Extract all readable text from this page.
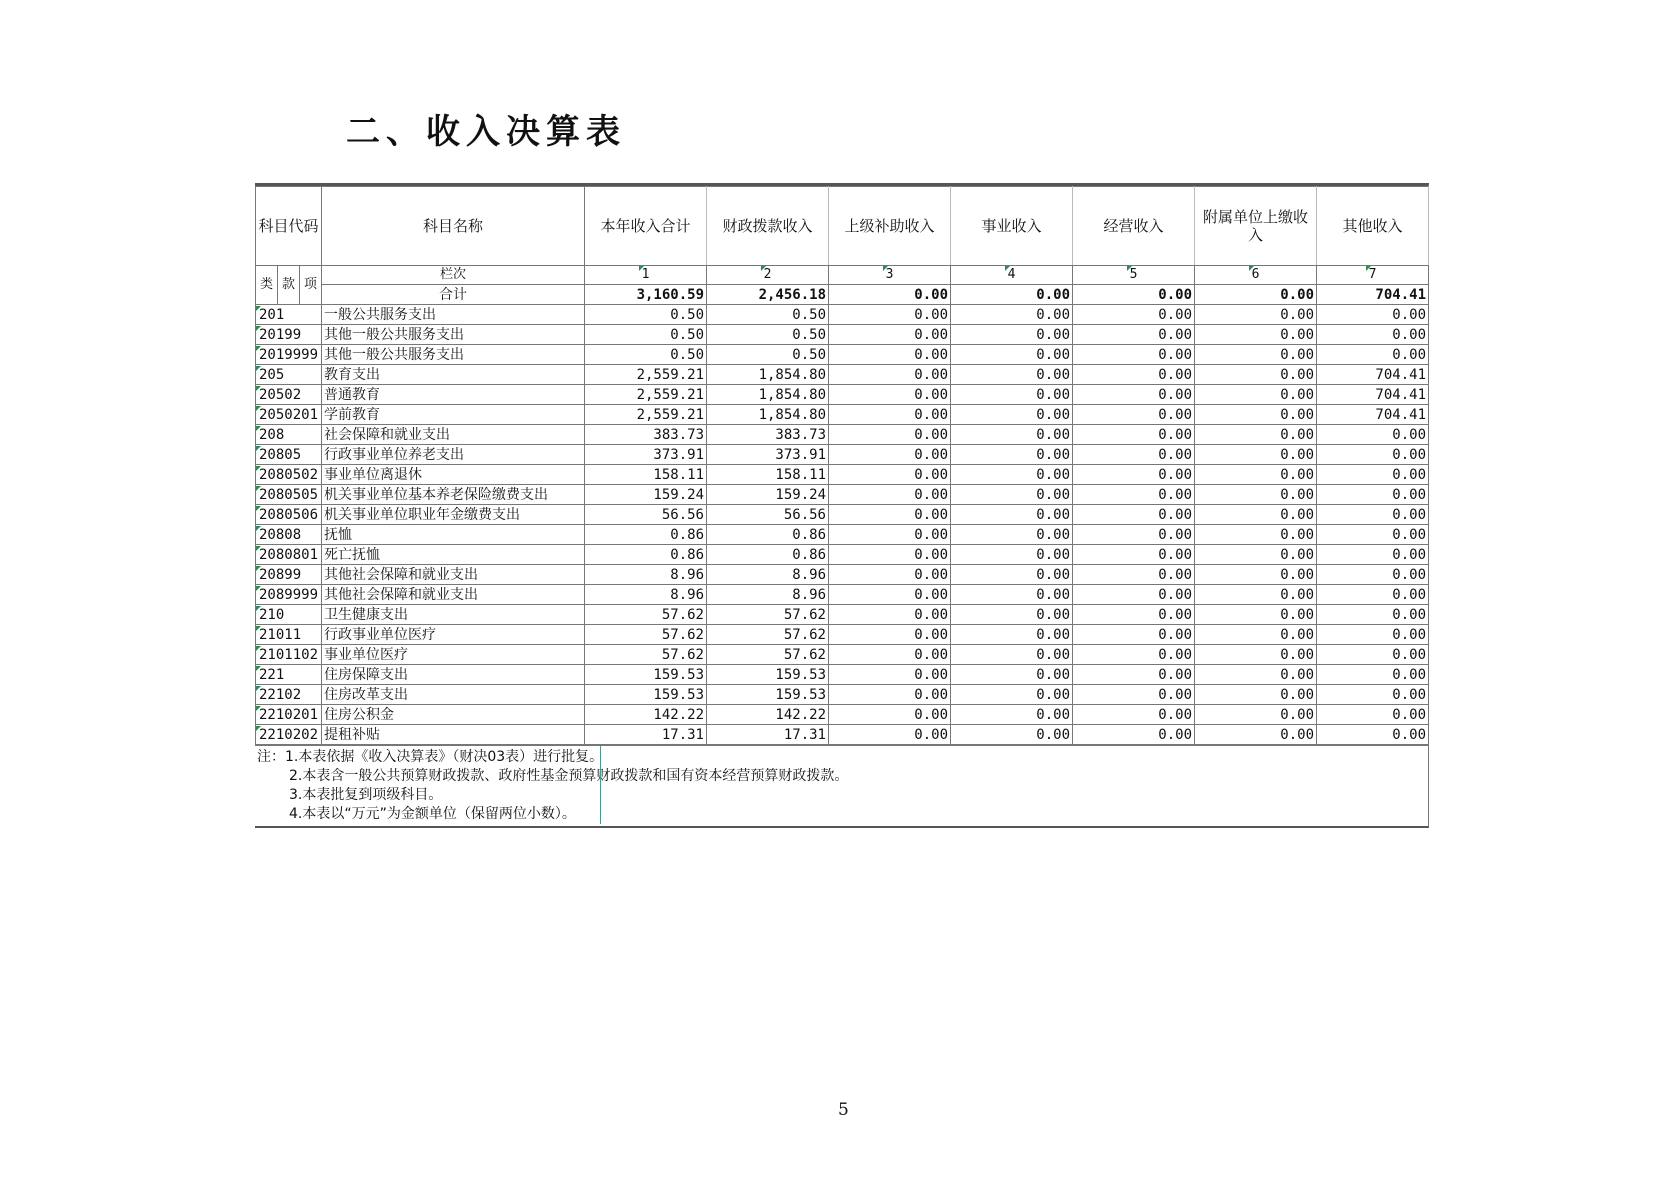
二、收入决算表
科目代码			科目名称	本年收入合计	财政拨款收入	上级补助收入	事业收入	经营收入	附属单位上缴收入	其他收入
类	款	项	栏次	1	2	3	4	5	6	7
			合计	3,160.59	2,456.18	0.00	0.00	0.00	0.00	704.41
201			一般公共服务支出	0.50	0.50	0.00	0.00	0.00	0.00	0.00
20199			其他一般公共服务支出	0.50	0.50	0.00	0.00	0.00	0.00	0.00
2019999			其他一般公共服务支出	0.50	0.50	0.00	0.00	0.00	0.00	0.00
205			教育支出	2,559.21	1,854.80	0.00	0.00	0.00	0.00	704.41
20502			普通教育	2,559.21	1,854.80	0.00	0.00	0.00	0.00	704.41
2050201			学前教育	2,559.21	1,854.80	0.00	0.00	0.00	0.00	704.41
208			社会保障和就业支出	383.73	383.73	0.00	0.00	0.00	0.00	0.00
20805			行政事业单位养老支出	373.91	373.91	0.00	0.00	0.00	0.00	0.00
2080502			事业单位离退休	158.11	158.11	0.00	0.00	0.00	0.00	0.00
2080505			机关事业单位基本养老保险缴费支出	159.24	159.24	0.00	0.00	0.00	0.00	0.00
2080506			机关事业单位职业年金缴费支出	56.56	56.56	0.00	0.00	0.00	0.00	0.00
20808			抚恤	0.86	0.86	0.00	0.00	0.00	0.00	0.00
2080801			死亡抚恤	0.86	0.86	0.00	0.00	0.00	0.00	0.00
20899			其他社会保障和就业支出	8.96	8.96	0.00	0.00	0.00	0.00	0.00
2089999			其他社会保障和就业支出	8.96	8.96	0.00	0.00	0.00	0.00	0.00
210			卫生健康支出	57.62	57.62	0.00	0.00	0.00	0.00	0.00
21011			行政事业单位医疗	57.62	57.62	0.00	0.00	0.00	0.00	0.00
2101102			事业单位医疗	57.62	57.62	0.00	0.00	0.00	0.00	0.00
221			住房保障支出	159.53	159.53	0.00	0.00	0.00	0.00	0.00
22102			住房改革支出	159.53	159.53	0.00	0.00	0.00	0.00	0.00
2210201			住房公积金	142.22	142.22	0.00	0.00	0.00	0.00	0.00
2210202			提租补贴	17.31	17.31	0.00	0.00	0.00	0.00	0.00
注：1.本表依据《收入决算表》（财决03表）进行批复。
2.本表含一般公共预算财政拨款、政府性基金预算财政拨款和国有资本经营预算财政拨款。
3.本表批复到项级科目。
4.本表以“万元”为金额单位（保留两位小数）。
5
